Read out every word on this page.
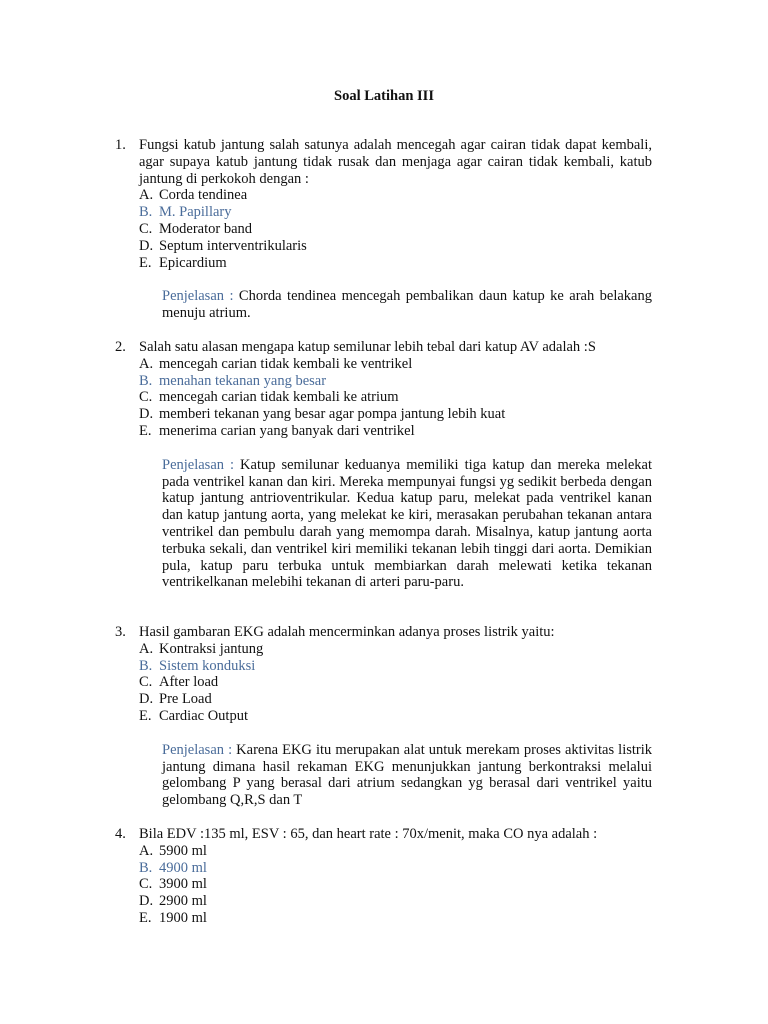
Soal Latihan III
1. Fungsi katub jantung salah satunya adalah mencegah agar cairan tidak dapat kembali, agar supaya katub jantung tidak rusak dan menjaga agar cairan tidak kembali, katub jantung di perkokoh dengan :
A. Corda tendinea
B. M. Papillary
C. Moderator band
D. Septum interventrikularis
E. Epicardium
Penjelasan : Chorda tendinea mencegah pembalikan daun katup ke arah belakang menuju atrium.
2. Salah satu alasan mengapa katup semilunar lebih tebal dari katup AV adalah :S
A. mencegah carian tidak kembali ke ventrikel
B. menahan tekanan yang besar
C. mencegah carian tidak kembali ke atrium
D. memberi tekanan yang besar agar pompa jantung lebih kuat
E. menerima carian yang banyak dari ventrikel
Penjelasan : Katup semilunar keduanya memiliki tiga katup dan mereka melekat pada ventrikel kanan dan kiri. Mereka mempunyai fungsi yg sedikit berbeda dengan katup jantung antrioventrikular. Kedua katup paru, melekat pada ventrikel kanan dan katup jantung aorta, yang melekat ke kiri, merasakan perubahan tekanan antara ventrikel dan pembulu darah yang memompa darah. Misalnya, katup jantung aorta terbuka sekali, dan ventrikel kiri memiliki tekanan lebih tinggi dari aorta. Demikian pula, katup paru terbuka untuk membiarkan darah melewati ketika tekanan ventrikelkanan melebihi tekanan di arteri paru-paru.
3. Hasil gambaran EKG adalah mencerminkan adanya proses listrik yaitu:
A. Kontraksi jantung
B. Sistem konduksi
C. After load
D. Pre Load
E. Cardiac Output
Penjelasan : Karena EKG itu merupakan alat untuk merekam proses aktivitas listrik jantung dimana hasil rekaman EKG menunjukkan jantung berkontraksi melalui gelombang P yang berasal dari atrium sedangkan yg berasal dari ventrikel yaitu gelombang Q,R,S dan T
4. Bila EDV :135 ml, ESV : 65, dan heart rate : 70x/menit, maka CO nya adalah :
A. 5900 ml
B. 4900 ml
C. 3900 ml
D. 2900 ml
E. 1900 ml
